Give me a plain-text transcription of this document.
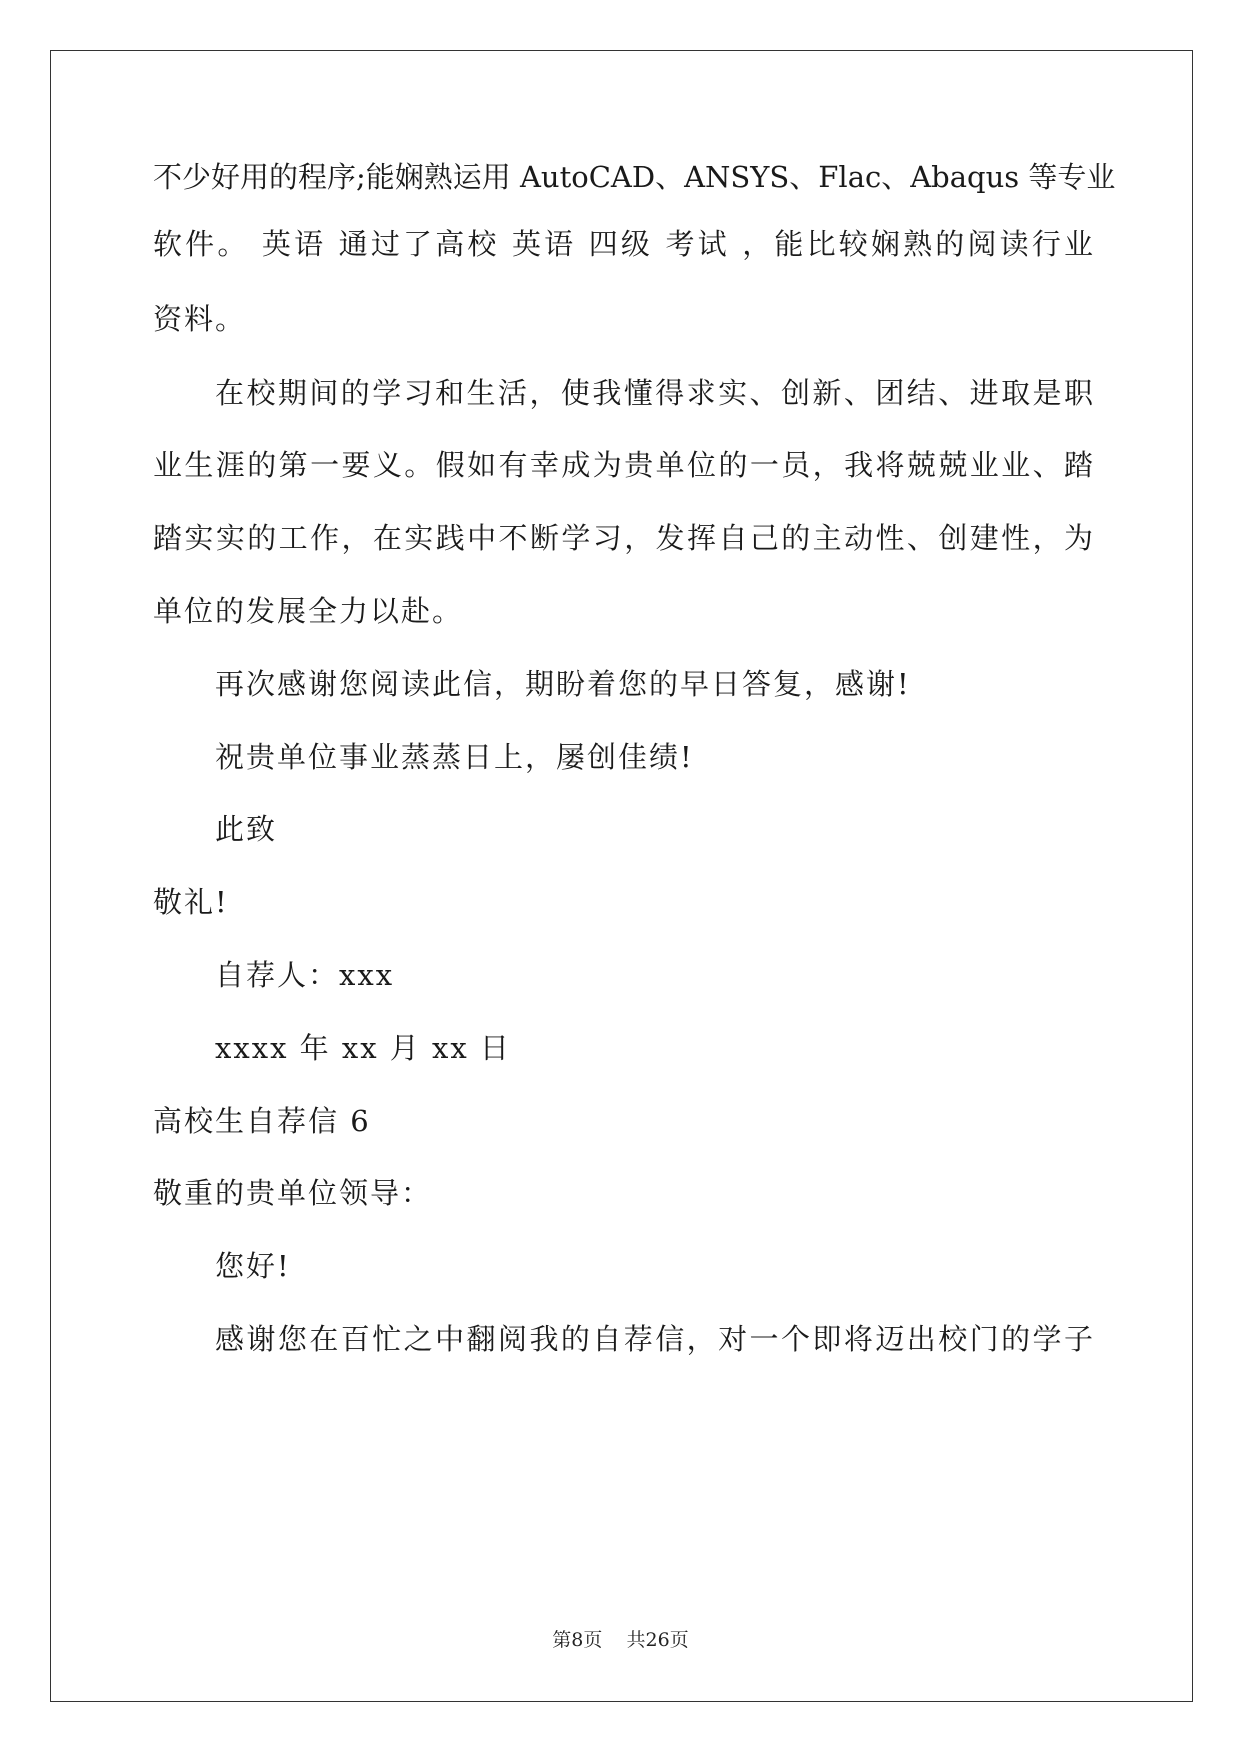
不少好用的程序;能娴熟运用 AutoCAD、ANSYS、Flac、Abaqus 等专业
软件。 英语 通过了高校 英语 四级 考试 ，能比较娴熟的阅读行业
资料。
在校期间的学习和生活，使我懂得求实、创新、团结、进取是职
业生涯的第一要义。假如有幸成为贵单位的一员，我将兢兢业业、踏
踏实实的工作，在实践中不断学习，发挥自己的主动性、创建性，为
单位的发展全力以赴。
再次感谢您阅读此信，期盼着您的早日答复，感谢!
祝贵单位事业蒸蒸日上，屡创佳绩!
此致
敬礼!
自荐人：xxx
xxxx 年 xx 月 xx 日
高校生自荐信 6
敬重的贵单位领导：
您好!
感谢您在百忙之中翻阅我的自荐信，对一个即将迈出校门的学子
第8页 共26页
